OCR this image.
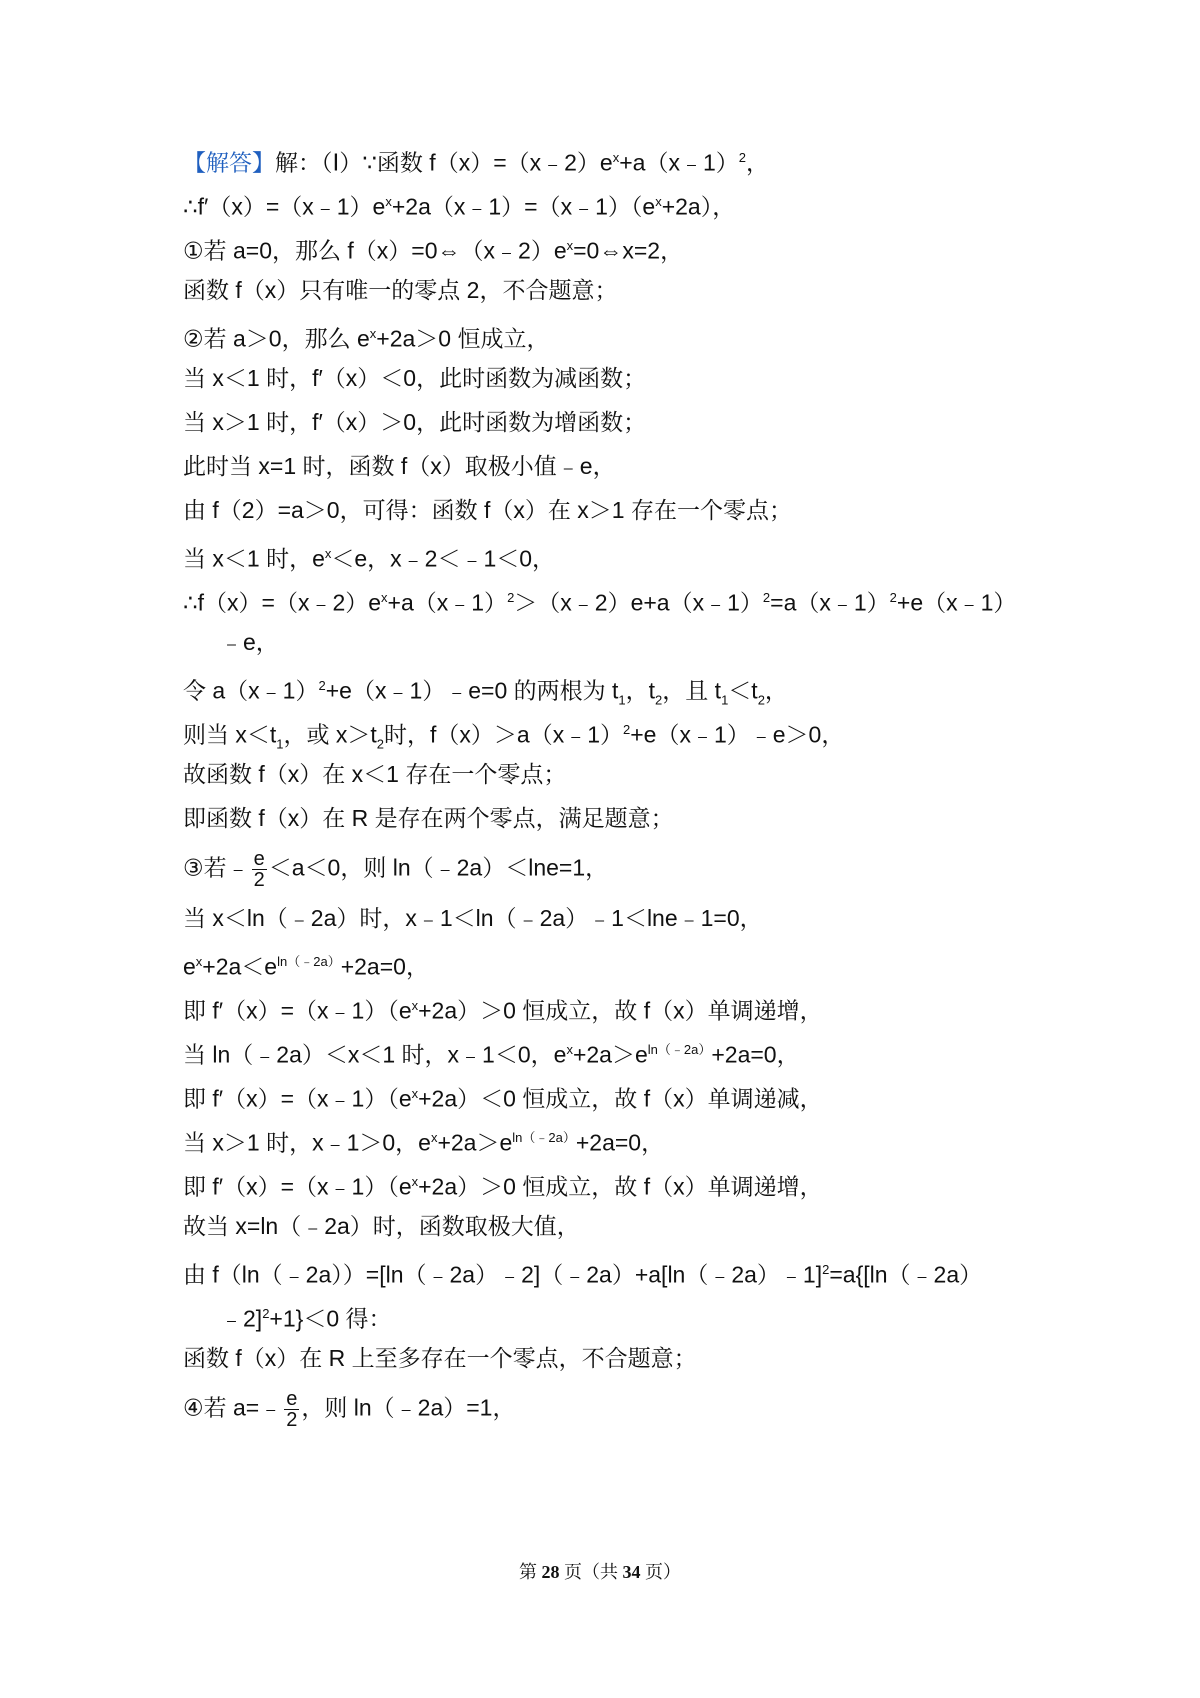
【解答】解：（Ⅰ）∵函数 $f(x)=(x﹣2)e^x+a(x﹣1)^2$，
$\therefore f'(x)=(x﹣1)e^x+2a(x﹣1)=(x﹣1)(e^x+2a)$，
①若 a=0，那么 $f(x)=0\Leftrightarrow(x﹣2)e^x=0\Leftrightarrow x=2$，
函数 f（x）只有唯一的零点 2，不合题意；
②若 a＞0，那么 $e^x+2a>0$ 恒成立，
当 x＜1 时，f′（x）＜0，此时函数为减函数；
当 x＞1 时，f′（x）＞0，此时函数为增函数；
此时当 x=1 时，函数 f（x）取极小值﹣e，
由 f（2）=a＞0，可得：函数 f（x）在 x＞1 存在一个零点；
当 x＜1 时，$e^x<e$，x﹣2＜﹣1＜0，
$\therefore f(x)=(x﹣2)e^x+a(x﹣1)^2>(x﹣2)e+a(x﹣1)^2=a(x﹣1)^2+e(x﹣1)$
﹣e，
令 a（x﹣1）$^2$+e（x﹣1）﹣e=0 的两根为 $t_1$，$t_2$，且 $t_1<t_2$，
则当 $x<t_1$，或 $x>t_2$时，f（x）＞a（x﹣1）$^2$+e（x﹣1）﹣e＞0，
故函数 f（x）在 x＜1 存在一个零点；
即函数 f（x）在 R 是存在两个零点，满足题意；
③若﹣ $\frac{e}{2} <a<0$，则 ln（﹣2a）＜lne=1，
当 x＜ln（﹣2a）时，x﹣1＜ln（﹣2a）﹣1＜lne﹣1=0，
$e^x+2a<e^{ln(﹣2a)}+2a=0$，
即 $f'(x)=(x﹣1)(e^x+2a)>0$ 恒成立，故 f（x）单调递增，
当 ln（﹣2a）＜x＜1 时，x﹣1＜0，$e^x+2a>e^{ln(﹣2a)}+2a=0$，
即 $f'(x)=(x﹣1)(e^x+2a)<0$ 恒成立，故 f（x）单调递减，
当 x＞1 时，x﹣1＞0，$e^x+2a>e^{ln(﹣2a)}+2a=0$，
即 $f'(x)=(x﹣1)(e^x+2a)>0$ 恒成立，故 f（x）单调递增，
故当 x=ln（﹣2a）时，函数取极大值，
由 f（ln（﹣2a））=[ln（﹣2a）﹣2]（﹣2a）+a[ln（﹣2a）﹣1]$^2$=a{[ln（﹣2a）
﹣2]$^2$+1}＜0 得：
函数 f（x）在 R 上至多存在一个零点，不合题意；
④若 a=﹣ $\frac{e}{2}$ ，则 ln（﹣2a）=1，
第 28 页（共 34 页）
